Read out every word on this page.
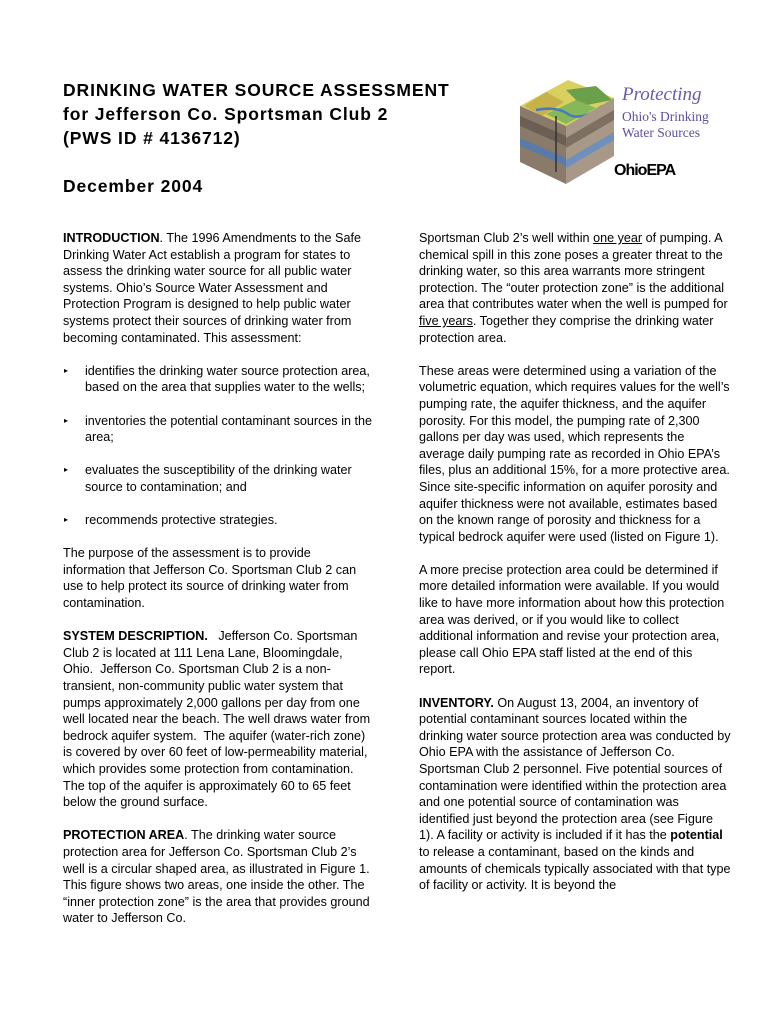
DRINKING WATER SOURCE ASSESSMENT
for Jefferson Co. Sportsman Club 2
(PWS ID # 4136712)
December 2004
Protecting
Ohio's Drinking
Water Sources
OhioEPA

INTRODUCTION. The 1996 Amendments to the Safe Drinking Water Act establish a program for states to assess the drinking water source for all public water systems. Ohio’s Source Water Assessment and Protection Program is designed to help public water systems protect their sources of drinking water from becoming contaminated. This assessment:

▸ identifies the drinking water source protection area, based on the area that supplies water to the wells;
▸ inventories the potential contaminant sources in the area;
▸ evaluates the susceptibility of the drinking water source to contamination; and
▸ recommends protective strategies.

The purpose of the assessment is to provide information that Jefferson Co. Sportsman Club 2 can use to help protect its source of drinking water from contamination.

SYSTEM DESCRIPTION.   Jefferson Co. Sportsman Club 2 is located at 111 Lena Lane, Bloomingdale, Ohio.  Jefferson Co. Sportsman Club 2 is a non-transient, non-community public water system that pumps approximately 2,000 gallons per day from one well located near the beach. The well draws water from bedrock aquifer system.  The aquifer (water-rich zone) is covered by over 60 feet of low-permeability material, which provides some protection from contamination. The top of the aquifer is approximately 60 to 65 feet below the ground surface.

PROTECTION AREA. The drinking water source protection area for Jefferson Co. Sportsman Club 2’s well is a circular shaped area, as illustrated in Figure 1. This figure shows two areas, one inside the other. The “inner protection zone” is the area that provides ground water to Jefferson Co.

Sportsman Club 2’s well within one year of pumping. A chemical spill in this zone poses a greater threat to the drinking water, so this area warrants more stringent protection. The “outer protection zone” is the additional area that contributes water when the well is pumped for five years. Together they comprise the drinking water protection area.

These areas were determined using a variation of the volumetric equation, which requires values for the well’s pumping rate, the aquifer thickness, and the aquifer porosity. For this model, the pumping rate of 2,300 gallons per day was used, which represents the average daily pumping rate as recorded in Ohio EPA’s files, plus an additional 15%, for a more protective area. Since site-specific information on aquifer porosity and aquifer thickness were not available, estimates based on the known range of porosity and thickness for a typical bedrock aquifer were used (listed on Figure 1).

A more precise protection area could be determined if more detailed information were available. If you would like to have more information about how this protection area was derived, or if you would like to collect additional information and revise your protection area, please call Ohio EPA staff listed at the end of this report.

INVENTORY. On August 13, 2004, an inventory of potential contaminant sources located within the drinking water source protection area was conducted by Ohio EPA with the assistance of Jefferson Co. Sportsman Club 2 personnel. Five potential sources of contamination were identified within the protection area and one potential source of contamination was identified just beyond the protection area (see Figure 1). A facility or activity is included if it has the potential to release a contaminant, based on the kinds and amounts of chemicals typically associated with that type of facility or activity. It is beyond the
